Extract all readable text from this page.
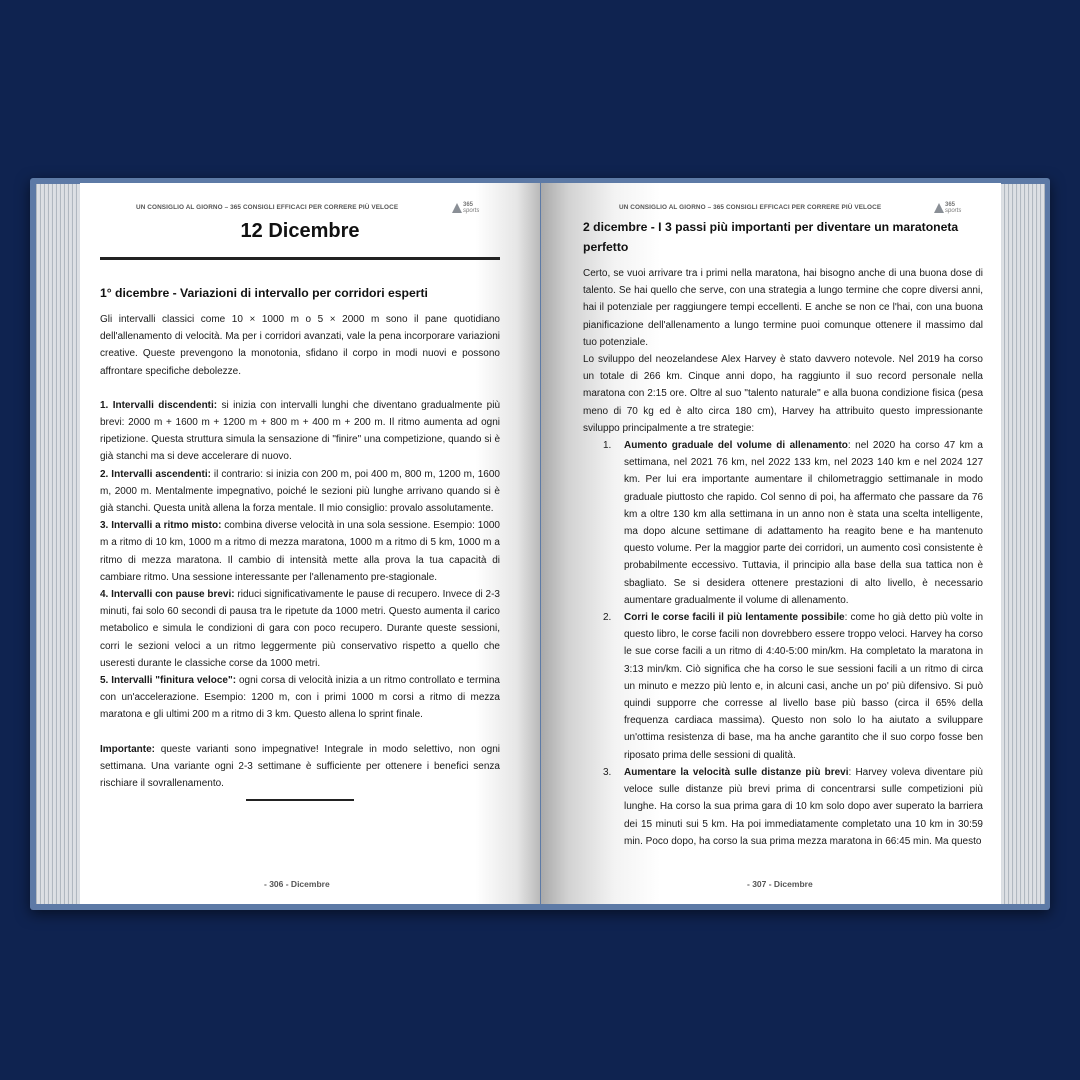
UN CONSIGLIO AL GIORNO – 365 CONSIGLI EFFICACI PER CORRERE PIÙ VELOCE	365
sports
12 Dicembre
1° dicembre - Variazioni di intervallo per corridori esperti

Gli intervalli classici come 10 × 1000 m o 5 × 2000 m sono il pane quotidiano dell'allenamento di velocità. Ma per i corridori avanzati, vale la pena incorporare variazioni creative. Queste prevengono la monotonia, sfidano il corpo in modi nuovi e possono affrontare specifiche debolezze.

1. Intervalli discendenti: si inizia con intervalli lunghi che diventano gradualmente più brevi: 2000 m + 1600 m + 1200 m + 800 m + 400 m + 200 m. Il ritmo aumenta ad ogni ripetizione. Questa struttura simula la sensazione di "finire" una competizione, quando si è già stanchi ma si deve accelerare di nuovo.

2. Intervalli ascendenti: il contrario: si inizia con 200 m, poi 400 m, 800 m, 1200 m, 1600 m, 2000 m. Mentalmente impegnativo, poiché le sezioni più lunghe arrivano quando si è già stanchi. Questa unità allena la forza mentale. Il mio consiglio: provalo assolutamente.

3. Intervalli a ritmo misto: combina diverse velocità in una sola sessione. Esempio: 1000 m a ritmo di 10 km, 1000 m a ritmo di mezza maratona, 1000 m a ritmo di 5 km, 1000 m a ritmo di mezza maratona. Il cambio di intensità mette alla prova la tua capacità di cambiare ritmo. Una sessione interessante per l'allenamento pre-stagionale.

4. Intervalli con pause brevi: riduci significativamente le pause di recupero. Invece di 2-3 minuti, fai solo 60 secondi di pausa tra le ripetute da 1000 metri. Questo aumenta il carico metabolico e simula le condizioni di gara con poco recupero. Durante queste sessioni, corri le sezioni veloci a un ritmo leggermente più conservativo rispetto a quello che useresti durante le classiche corse da 1000 metri.

5. Intervalli "finitura veloce": ogni corsa di velocità inizia a un ritmo controllato e termina con un'accelerazione. Esempio: 1200 m, con i primi 1000 m corsi a ritmo di mezza maratona e gli ultimi 200 m a ritmo di 3 km. Questo allena lo sprint finale.

Importante: queste varianti sono impegnative! Integrale in modo selettivo, non ogni settimana. Una variante ogni 2-3 settimane è sufficiente per ottenere i benefici senza rischiare il sovrallenamento.

- 306 - Dicembre
UN CONSIGLIO AL GIORNO – 365 CONSIGLI EFFICACI PER CORRERE PIÙ VELOCE	365
sports
2 dicembre - I 3 passi più importanti per diventare un maratoneta perfetto

Certo, se vuoi arrivare tra i primi nella maratona, hai bisogno anche di una buona dose di talento. Se hai quello che serve, con una strategia a lungo termine che copre diversi anni, hai il potenziale per raggiungere tempi eccellenti. E anche se non ce l'hai, con una buona pianificazione dell'allenamento a lungo termine puoi comunque ottenere il massimo dal tuo potenziale.

Lo sviluppo del neozelandese Alex Harvey è stato davvero notevole. Nel 2019 ha corso un totale di 266 km. Cinque anni dopo, ha raggiunto il suo record personale nella maratona con 2:15 ore. Oltre al suo "talento naturale" e alla buona condizione fisica (pesa meno di 70 kg ed è alto circa 180 cm), Harvey ha attribuito questo impressionante sviluppo principalmente a tre strategie:

1. Aumento graduale del volume di allenamento: nel 2020 ha corso 47 km a settimana, nel 2021 76 km, nel 2022 133 km, nel 2023 140 km e nel 2024 127 km. Per lui era importante aumentare il chilometraggio settimanale in modo graduale piuttosto che rapido. Col senno di poi, ha affermato che passare da 76 km a oltre 130 km alla settimana in un anno non è stata una scelta intelligente, ma dopo alcune settimane di adattamento ha reagito bene e ha mantenuto questo volume. Per la maggior parte dei corridori, un aumento così consistente è probabilmente eccessivo. Tuttavia, il principio alla base della sua tattica non è sbagliato. Se si desidera ottenere prestazioni di alto livello, è necessario aumentare gradualmente il volume di allenamento.
2. Corri le corse facili il più lentamente possibile: come ho già detto più volte in questo libro, le corse facili non dovrebbero essere troppo veloci. Harvey ha corso le sue corse facili a un ritmo di 4:40-5:00 min/km. Ha completato la maratona in 3:13 min/km. Ciò significa che ha corso le sue sessioni facili a un ritmo di circa un minuto e mezzo più lento e, in alcuni casi, anche un po' più difensivo. Si può quindi supporre che corresse al livello base più basso (circa il 65% della frequenza cardiaca massima). Questo non solo lo ha aiutato a sviluppare un'ottima resistenza di base, ma ha anche garantito che il suo corpo fosse ben riposato prima delle sessioni di qualità.
3. Aumentare la velocità sulle distanze più brevi: Harvey voleva diventare più veloce sulle distanze più brevi prima di concentrarsi sulle competizioni più lunghe. Ha corso la sua prima gara di 10 km solo dopo aver superato la barriera dei 15 minuti sui 5 km. Ha poi immediatamente completato una 10 km in 30:59 min. Poco dopo, ha corso la sua prima mezza maratona in 66:45 min. Ma questo
- 307 - Dicembre
